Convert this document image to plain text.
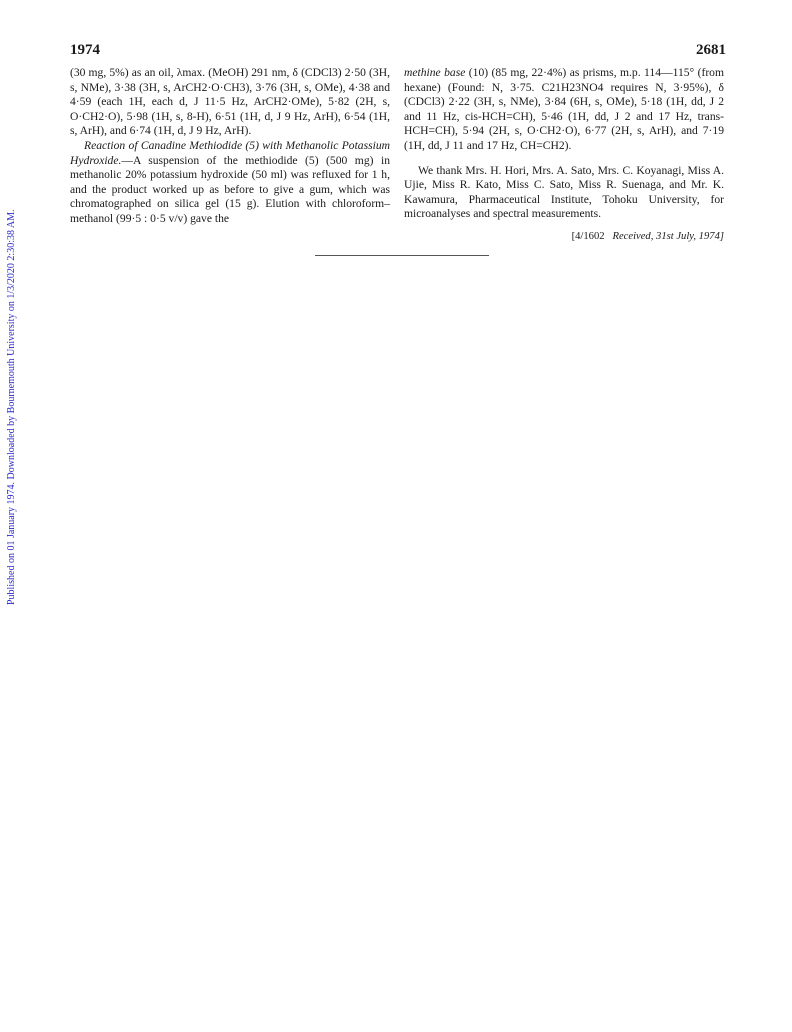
Published on 01 January 1974. Downloaded by Bournemouth University on 1/3/2020 2:30:38 AM.
1974	2681

(30 mg, 5%) as an oil, λmax. (MeOH) 291 nm, δ (CDCl3) 2·50 (3H, s, NMe), 3·38 (3H, s, ArCH2·O·CH3), 3·76 (3H, s, OMe), 4·38 and 4·59 (each 1H, each d, J 11·5 Hz, ArCH2·OMe), 5·82 (2H, s, O·CH2·O), 5·98 (1H, s, 8-H), 6·51 (1H, d, J 9 Hz, ArH), 6·54 (1H, s, ArH), and 6·74 (1H, d, J 9 Hz, ArH).

Reaction of Canadine Methiodide (5) with Methanolic Potassium Hydroxide.—A suspension of the methiodide (5) (500 mg) in methanolic 20% potassium hydroxide (50 ml) was refluxed for 1 h, and the product worked up as before to give a gum, which was chromatographed on silica gel (15 g). Elution with chloroform–methanol (99·5 : 0·5 v/v) gave the

methine base (10) (85 mg, 22·4%) as prisms, m.p. 114—115° (from hexane) (Found: N, 3·75. C21H23NO4 requires N, 3·95%), δ (CDCl3) 2·22 (3H, s, NMe), 3·84 (6H, s, OMe), 5·18 (1H, dd, J 2 and 11 Hz, cis-HCH=CH), 5·46 (1H, dd, J 2 and 17 Hz, trans-HCH=CH), 5·94 (2H, s, O·CH2·O), 6·77 (2H, s, ArH), and 7·19 (1H, dd, J 11 and 17 Hz, CH=CH2).

We thank Mrs. H. Hori, Mrs. A. Sato, Mrs. C. Koyanagi, Miss A. Ujie, Miss R. Kato, Miss C. Sato, Miss R. Suenaga, and Mr. K. Kawamura, Pharmaceutical Institute, Tohoku University, for microanalyses and spectral measurements.

[4/1602 Received, 31st July, 1974]
